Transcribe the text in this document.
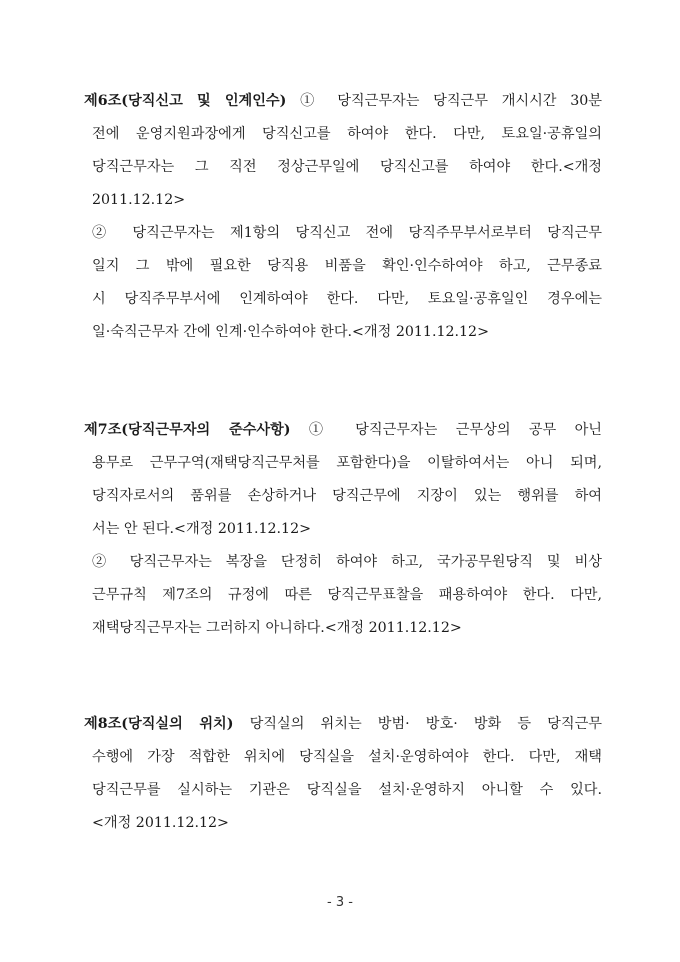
제6조(당직신고 및 인계인수) ① 당직근무자는 당직근무 개시시간 30분
전에 운영지원과장에게 당직신고를 하여야 한다. 다만, 토요일·공휴일의
당직근무자는 그 직전 정상근무일에 당직신고를 하여야 한다.<개정
2011.12.12>
② 당직근무자는 제1항의 당직신고 전에 당직주무부서로부터 당직근무
일지 그 밖에 필요한 당직용 비품을 확인·인수하여야 하고, 근무종료
시 당직주무부서에 인계하여야 한다. 다만, 토요일·공휴일인 경우에는
일·숙직근무자 간에 인계·인수하여야 한다.<개정 2011.12.12>
제7조(당직근무자의 준수사항) ① 당직근무자는 근무상의 공무 아닌
용무로 근무구역(재택당직근무처를 포함한다)을 이탈하여서는 아니 되며,
당직자로서의 품위를 손상하거나 당직근무에 지장이 있는 행위를 하여
서는 안 된다.<개정 2011.12.12>
② 당직근무자는 복장을 단정히 하여야 하고, 국가공무원당직 및 비상
근무규칙 제7조의 규정에 따른 당직근무표찰을 패용하여야 한다. 다만,
재택당직근무자는 그러하지 아니하다.<개정 2011.12.12>
제8조(당직실의 위치) 당직실의 위치는 방범· 방호· 방화 등 당직근무
수행에 가장 적합한 위치에 당직실을 설치·운영하여야 한다. 다만, 재택
당직근무를 실시하는 기관은 당직실을 설치·운영하지 아니할 수 있다.
<개정 2011.12.12>
- 3 -
